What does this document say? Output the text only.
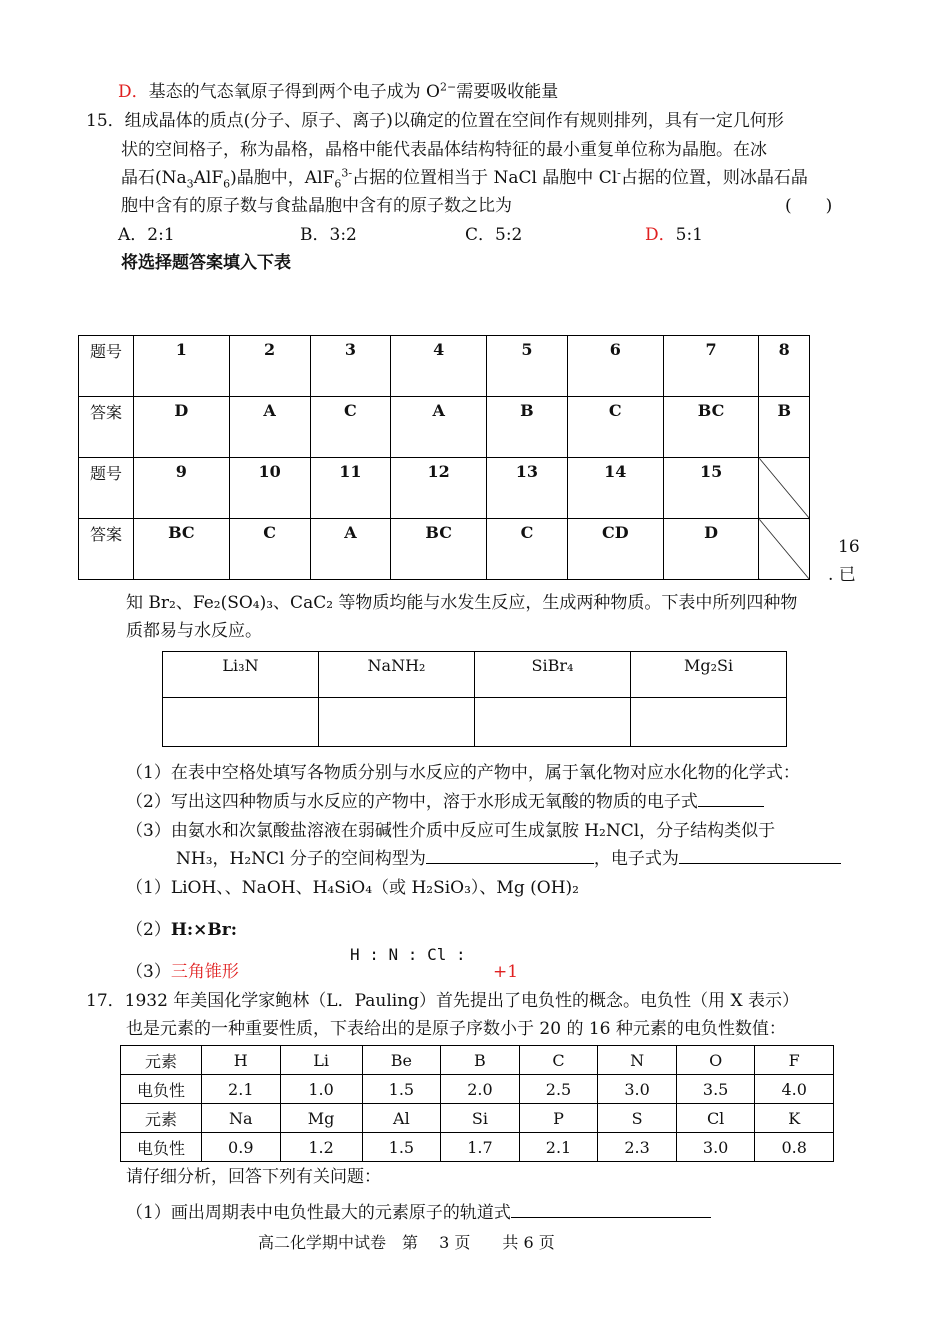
D．基态的气态氧原子得到两个电子成为 $O^{2-}$需要吸收能量
15．组成晶体的质点(分子、原子、离子)以确定的位置在空间作有规则排列，具有一定几何形
状的空间格子，称为晶格，晶格中能代表晶体结构特征的最小重复单位称为晶胞。在冰
晶石$(Na_3AlF_6)$晶胞中，AlF$_6^{3-}$占据的位置相当于 NaCl 晶胞中 Cl-占据的位置，则冰晶石晶
胞中含有的原子数与食盐晶胞中含有的原子数之比为	(　　)
A．2:1	B．3:2	C．5:2	D．5:1
将选择题答案填入下表
题号	1	2	3	4	5	6	7	8
答案	D	A	C	A	B	C	BC	B
题号	9	10	11	12	13	14	15	
答案	BC	C	A	BC	C	CD	D	
16
. 已
知 Br₂、Fe₂(SO₄)₃、CaC₂ 等物质均能与水发生反应，生成两种物质。下表中所列四种物
质都易与水反应。
Li₃N	NaNH₂	SiBr₄	Mg₂Si

（1）在表中空格处填写各物质分别与水反应的产物中，属于氧化物对应水化物的化学式：
（2）写出这四种物质与水反应的产物中，溶于水形成无氧酸的物质的电子式
（3）由氨水和次氯酸盐溶液在弱碱性介质中反应可生成氯胺 H₂NCl，分子结构类似于
NH₃，H₂NCl 分子的空间构型为	，电子式为
（1）LiOH、、NaOH、H₄SiO₄（或 H₂SiO₃）、Mg (OH)₂
（2）H:×Br:
H : N : Cl :
（3）三角锥形	+1
17．1932 年美国化学家鲍林（L．Pauling）首先提出了电负性的概念。电负性（用 X 表示）
也是元素的一种重要性质，下表给出的是原子序数小于 20 的 16 种元素的电负性数值：
元素	H	Li	Be	B	C	N	O	F
电负性	2.1	1.0	1.5	2.0	2.5	3.0	3.5	4.0
元素	Na	Mg	Al	Si	P	S	Cl	K
电负性	0.9	1.2	1.5	1.7	2.1	2.3	3.0	0.8
请仔细分析，回答下列有关问题：
（1）画出周期表中电负性最大的元素原子的轨道式
高二化学期中试卷　第　 3 页　　共 6 页
